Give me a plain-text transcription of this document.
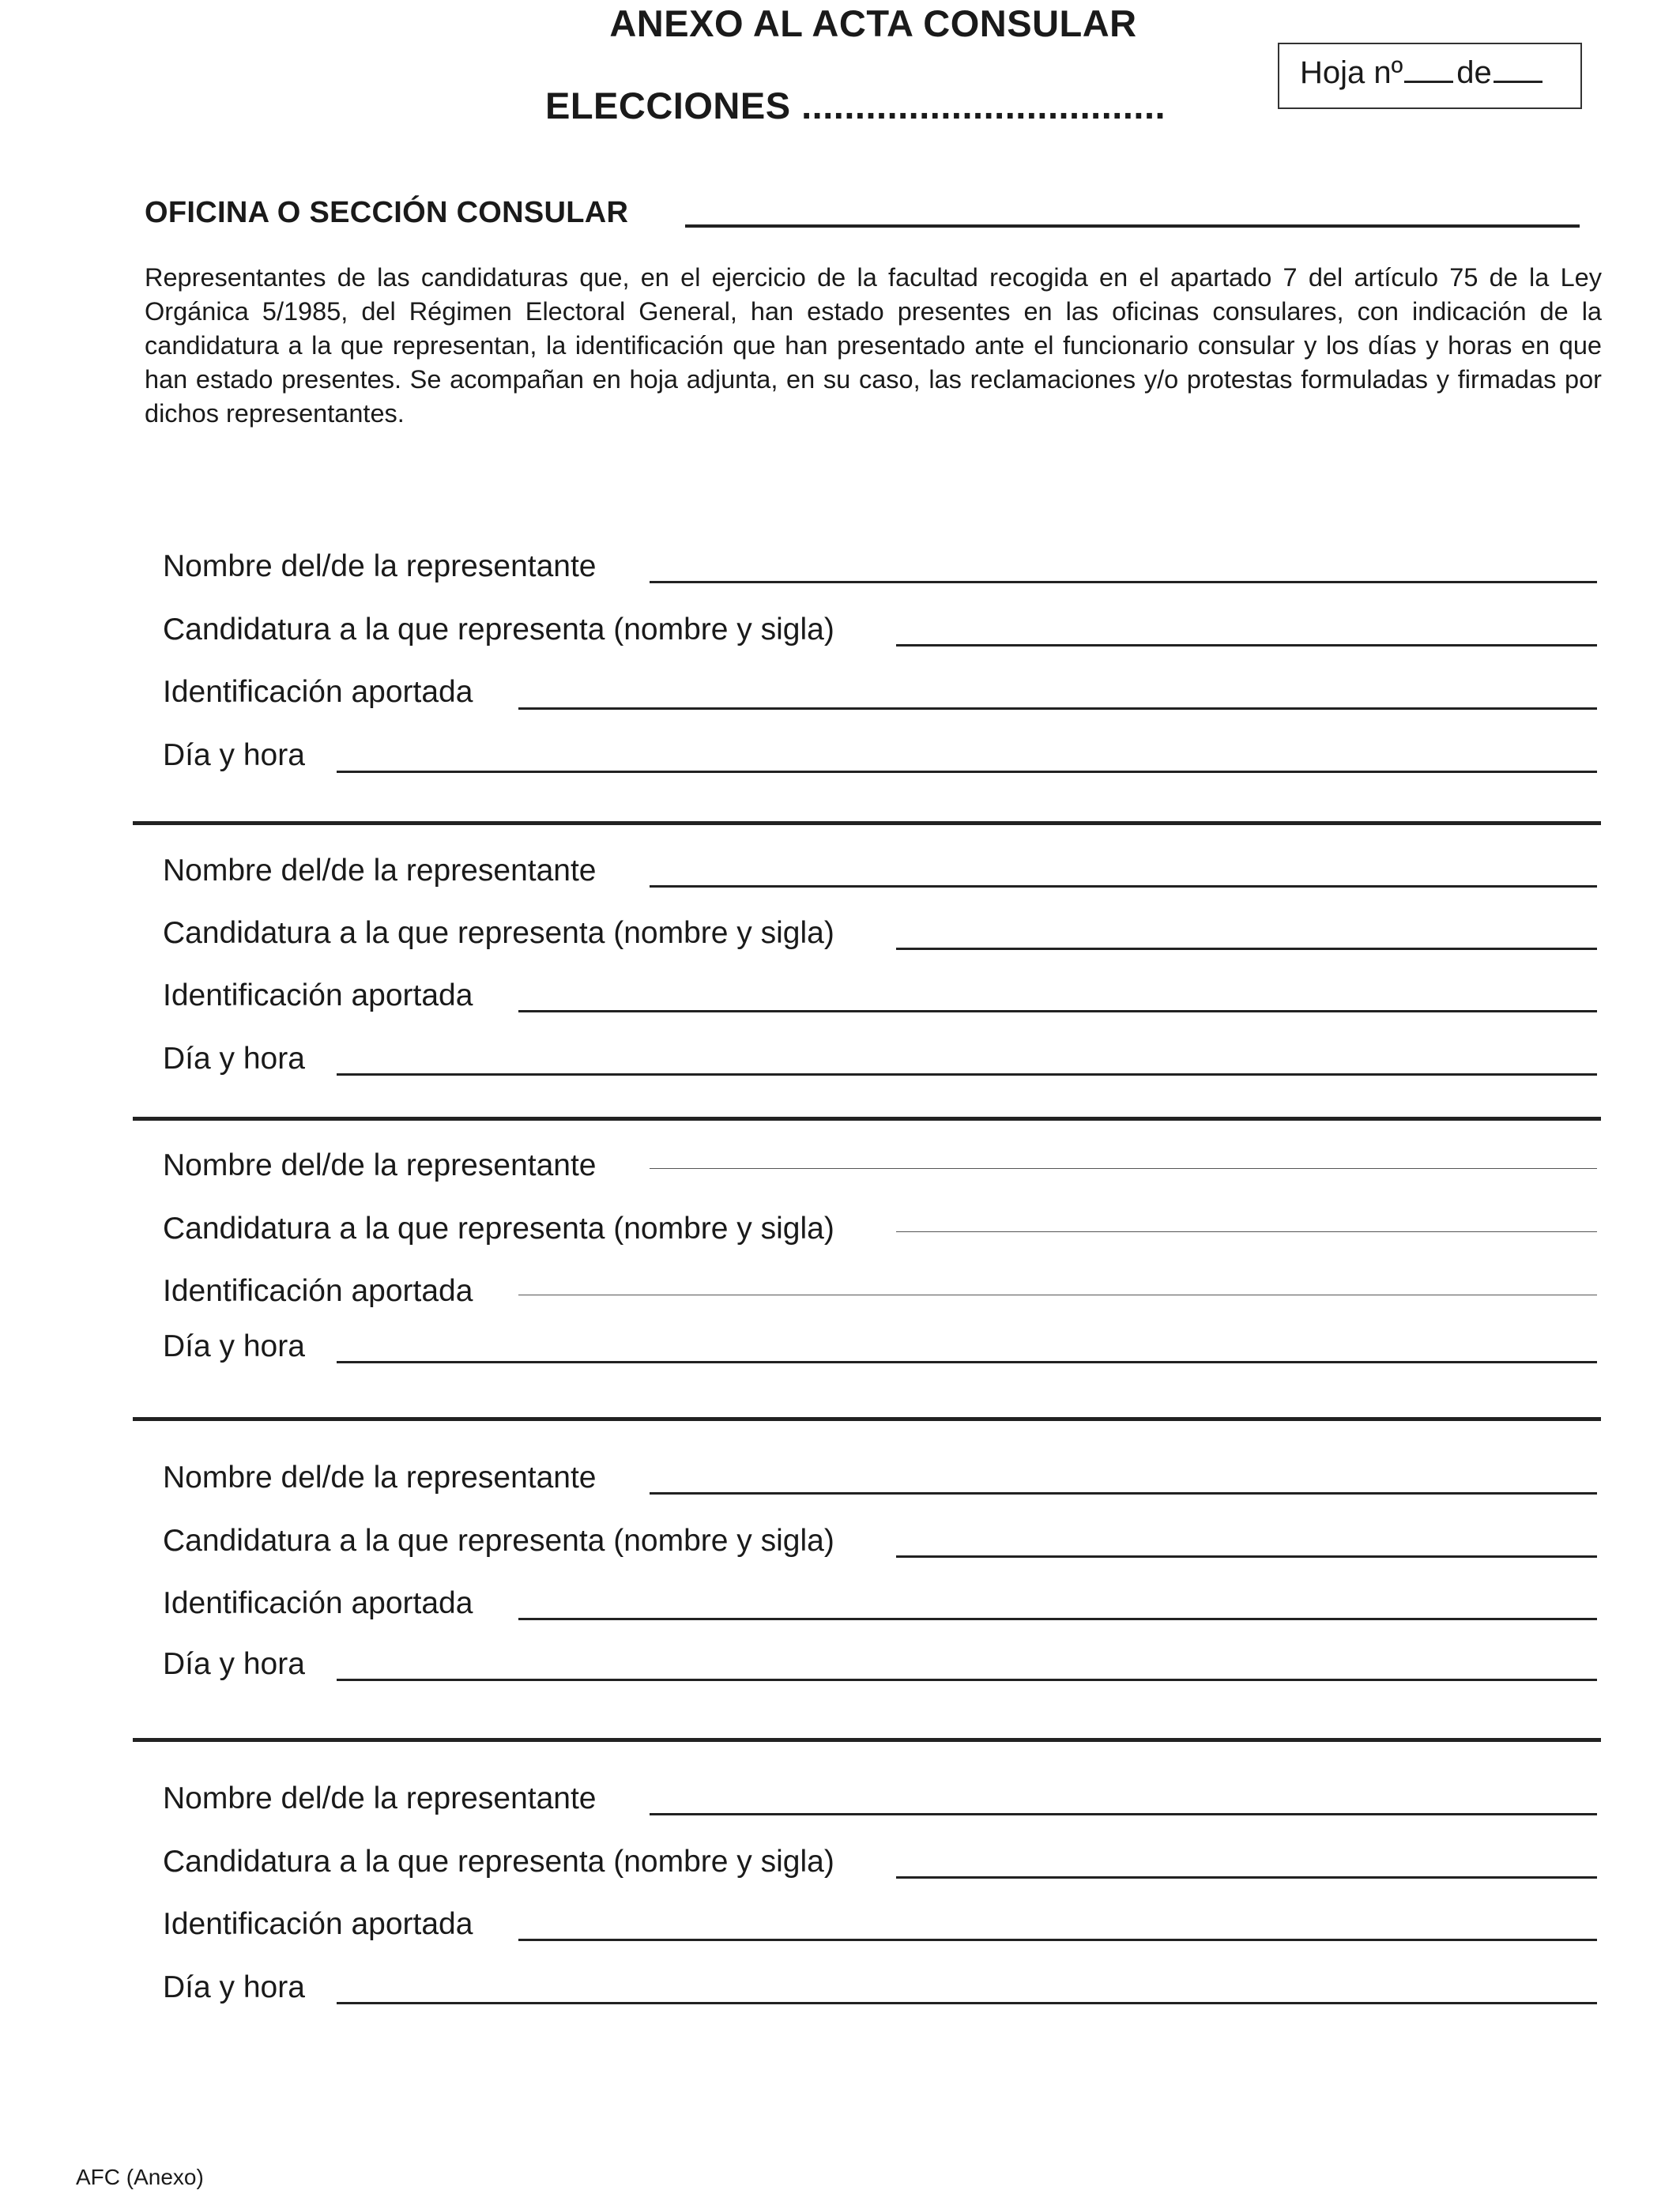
ANEXO AL ACTA CONSULAR
ELECCIONES ..................................
Hoja nº de
OFICINA O SECCIÓN CONSULAR
Representantes de las candidaturas que, en el ejercicio de la facultad recogida en el apartado 7 del artículo 75 de la Ley Orgánica 5/1985, del Régimen Electoral General, han estado presentes en las oficinas consulares, con indicación de la candidatura a la que representan, la identificación que han presentado ante el funcionario consular y los días y horas en que han estado presentes. Se acompañan en hoja adjunta, en su caso, las reclamaciones y/o protestas formuladas y firmadas por dichos representantes.
Nombre del/de la representante
Candidatura a la que representa (nombre y sigla)
Identificación aportada
Día y hora
Nombre del/de la representante
Candidatura a la que representa (nombre y sigla)
Identificación aportada
Día y hora
Nombre del/de la representante
Candidatura a la que representa (nombre y sigla)
Identificación aportada
Día y hora
Nombre del/de la representante
Candidatura a la que representa (nombre y sigla)
Identificación aportada
Día y hora
Nombre del/de la representante
Candidatura a la que representa (nombre y sigla)
Identificación aportada
Día y hora
AFC (Anexo)
